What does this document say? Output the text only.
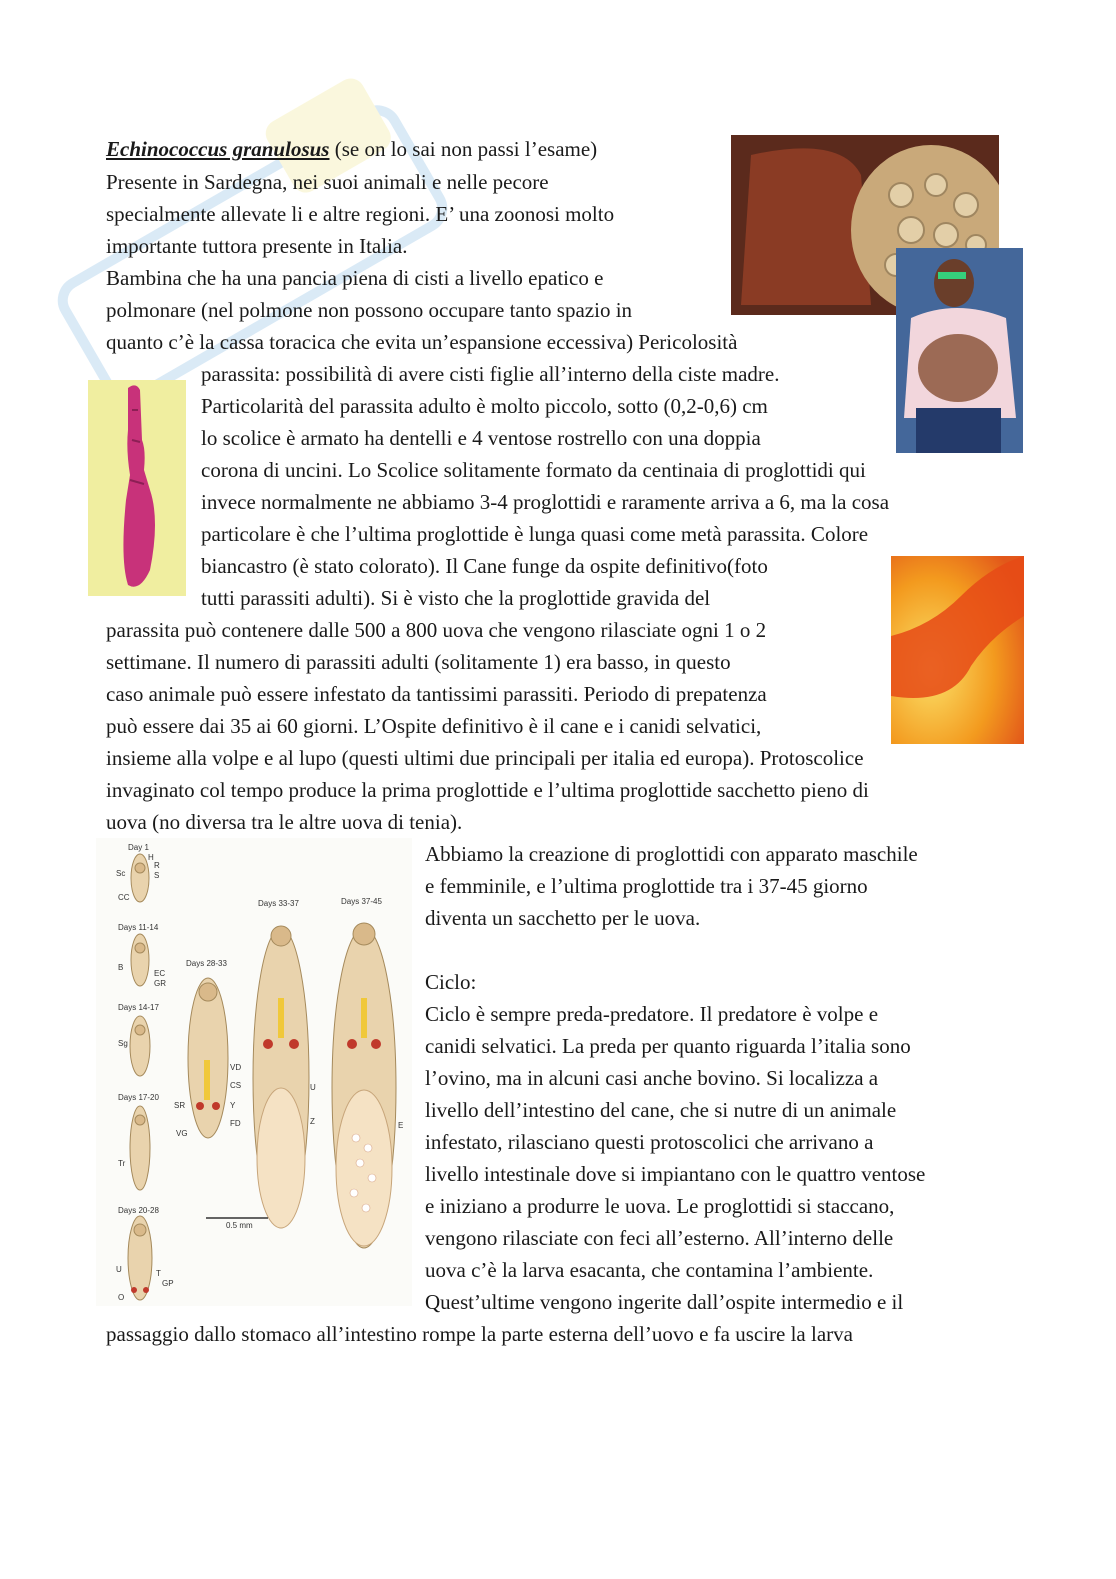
Echinococcus granulosus (se on lo sai non passi l’esame)
Presente in Sardegna, nei suoi animali e nelle pecore
specialmente allevate li e altre regioni. E’ una zoonosi molto
importante tuttora presente in Italia.
Bambina che ha una pancia piena di cisti a livello epatico e
polmonare (nel polmone non possono occupare tanto spazio in
quanto c’è la cassa toracica che evita un’espansione eccessiva) Pericolosità
parassita: possibilità di avere cisti figlie all’interno della ciste madre.
Particolarità del parassita adulto è molto piccolo, sotto (0,2-0,6) cm
lo scolice è armato ha dentelli e 4 ventose rostrello con una doppia
corona di uncini. Lo Scolice solitamente formato da centinaia di proglottidi qui
invece normalmente ne abbiamo 3-4 proglottidi e raramente arriva a 6, ma la cosa
particolare è che l’ultima proglottide è lunga quasi come metà parassita. Colore
biancastro (è stato colorato). Il Cane funge da ospite definitivo(foto
tutti parassiti adulti). Si è visto che la proglottide gravida del
parassita può contenere dalle 500 a 800 uova che vengono rilasciate ogni 1 o 2
settimane. Il numero di parassiti adulti (solitamente 1) era basso, in questo
caso animale può essere infestato da tantissimi parassiti. Periodo di prepatenza
può essere dai 35 ai 60 giorni. L’Ospite definitivo è il cane e i canidi selvatici,
insieme alla volpe e al lupo (questi ultimi due principali per italia ed europa). Protoscolice
invaginato col tempo produce la prima proglottide e l’ultima proglottide sacchetto pieno di
uova (no diversa tra le altre uova di tenia).
Abbiamo la creazione di proglottidi con apparato maschile
e femminile, e l’ultima proglottide tra i 37-45 giorno
diventa un sacchetto per le uova.
Ciclo:
Ciclo è sempre preda-predatore. Il predatore è volpe e
canidi selvatici. La preda per quanto riguarda l’italia sono
l’ovino, ma in alcuni casi anche bovino. Si localizza a
livello dell’intestino del cane, che si nutre di un animale
infestato, rilasciano questi protoscolici che arrivano a
livello intestinale dove si impiantano con le quattro ventose
e iniziano a produrre le uova. Le proglottidi si staccano,
vengono rilasciate con feci all’esterno. All’interno delle
uova c’è la larva esacanta, che contamina l’ambiente.
Quest’ultime vengono ingerite dall’ospite intermedio e il
passaggio dallo stomaco all’intestino rompe la parte esterna dell’uovo e fa uscire la larva
Day 1
Days 11-14
Days 14-17
Days 17-20
Days 20-28
Days 28-33
Days 33-37	Days 37-45
0.5 mm
Sc
H
R
S
CC
B
EC
GR
Sg
Tr
U	T
GP
O
VD
CS
Y
FD
SR
VG
U
Z	E
